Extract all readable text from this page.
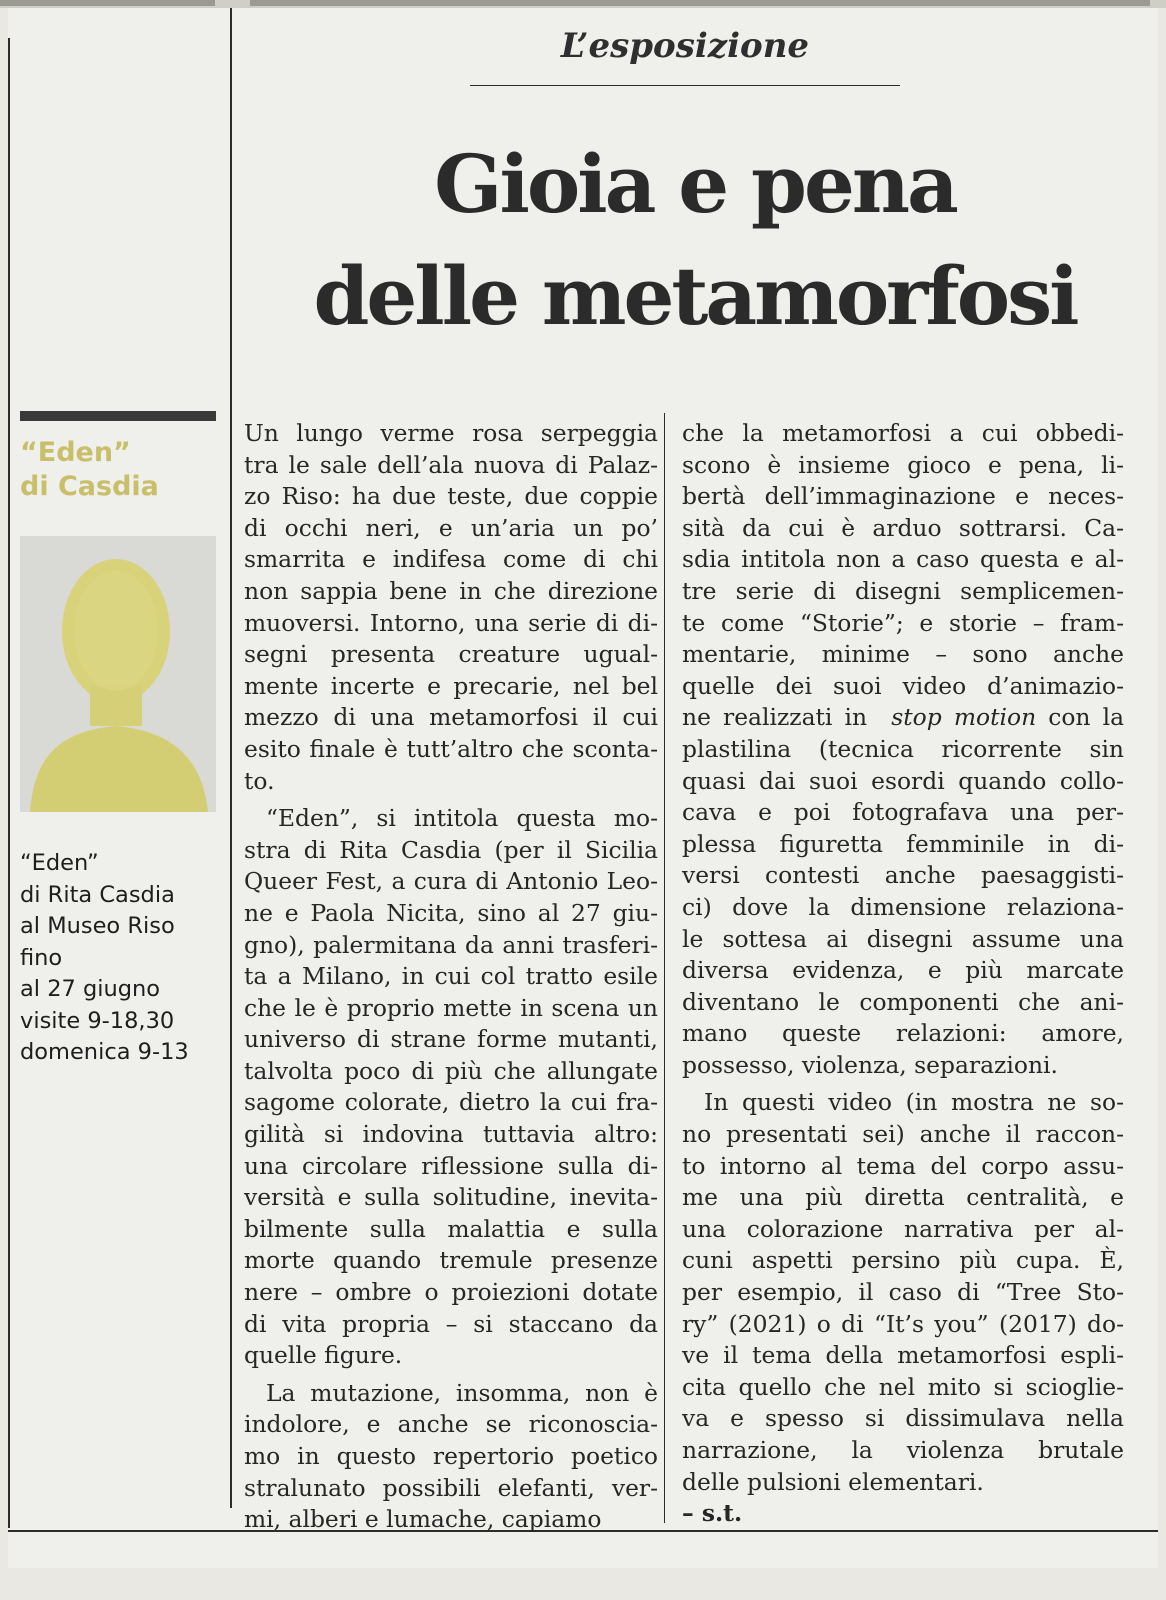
“Eden”
di Casdia
“Eden”
di Rita Casdia
al Museo Riso
fino
al 27 giugno
visite 9-18,30
domenica 9-13
L’esposizione
Gioia e pena
delle metamorfosi
Un lungo verme rosa serpeggia
tra le sale dell’ala nuova di Palaz-
zo Riso: ha due teste, due coppie
di occhi neri, e un’aria un po’
smarrita e indifesa come di chi
non sappia bene in che direzione
muoversi. Intorno, una serie di di-
segni presenta creature ugual-
mente incerte e precarie, nel bel
mezzo di una metamorfosi il cui
esito finale è tutt’altro che sconta-
to.
“Eden”, si intitola questa mo-
stra di Rita Casdia (per il Sicilia
Queer Fest, a cura di Antonio Leo-
ne e Paola Nicita, sino al 27 giu-
gno), palermitana da anni trasferi-
ta a Milano, in cui col tratto esile
che le è proprio mette in scena un
universo di strane forme mutanti,
talvolta poco di più che allungate
sagome colorate, dietro la cui fra-
gilità si indovina tuttavia altro:
una circolare riflessione sulla di-
versità e sulla solitudine, inevita-
bilmente sulla malattia e sulla
morte quando tremule presenze
nere – ombre o proiezioni dotate
di vita propria – si staccano da
quelle figure.
La mutazione, insomma, non è
indolore, e anche se riconoscia-
mo in questo repertorio poetico
stralunato possibili elefanti, ver-
mi, alberi e lumache, capiamo
che la metamorfosi a cui obbedi-
scono è insieme gioco e pena, li-
bertà dell’immaginazione e neces-
sità da cui è arduo sottrarsi. Ca-
sdia intitola non a caso questa e al-
tre serie di disegni semplicemen-
te come “Storie”; e storie – fram-
mentarie, minime – sono anche
quelle dei suoi video d’animazio-
ne realizzati in  stop motion con la
plastilina (tecnica ricorrente sin
quasi dai suoi esordi quando collo-
cava e poi fotografava una per-
plessa figuretta femminile in di-
versi contesti anche paesaggisti-
ci) dove la dimensione relaziona-
le sottesa ai disegni assume una
diversa evidenza, e più marcate
diventano le componenti che ani-
mano queste relazioni: amore,
possesso, violenza, separazioni.
In questi video (in mostra ne so-
no presentati sei) anche il raccon-
to intorno al tema del corpo assu-
me una più diretta centralità, e
una colorazione narrativa per al-
cuni aspetti persino più cupa. È,
per esempio, il caso di “Tree Sto-
ry” (2021) o di “It’s you” (2017) do-
ve il tema della metamorfosi espli-
cita quello che nel mito si scioglie-
va e spesso si dissimulava nella
narrazione, la violenza brutale
delle pulsioni elementari.
– s.t.
